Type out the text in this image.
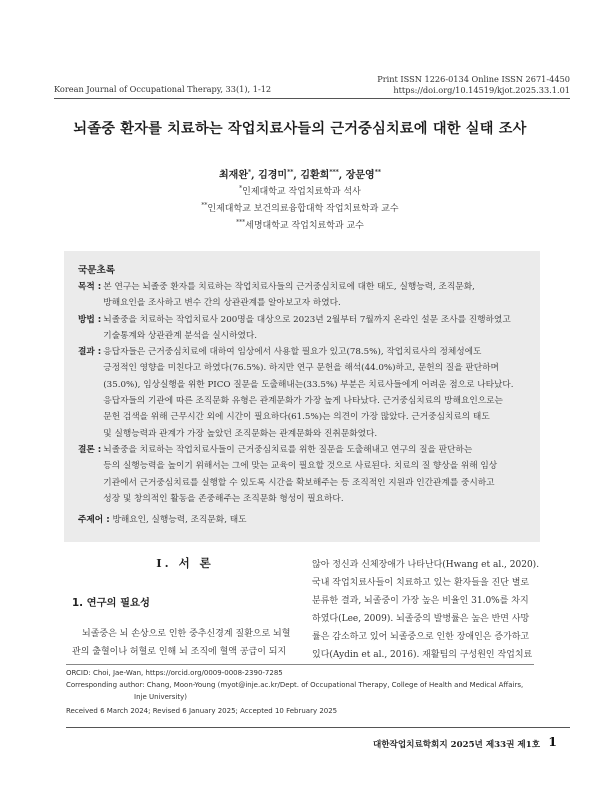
Print ISSN 1226-0134 Online ISSN 2671-4450
https://doi.org/10.14519/kjot.2025.33.1.01
Korean Journal of Occupational Therapy, 33(1), 1-12
뇌졸중 환자를 치료하는 작업치료사들의 근거중심치료에 대한 실태 조사
최재완*, 김경미**, 김환희***, 장문영**
*인제대학교 작업치료학과 석사
**인제대학교 보건의료융합대학 작업치료학과 교수
***세명대학교 작업치료학과 교수
국문초록
목적 : 본 연구는 뇌졸중 환자를 치료하는 작업치료사들의 근거중심치료에 대한 태도, 실행능력, 조직문화,
방해요인을 조사하고 변수 간의 상관관계를 알아보고자 하였다.
방법 : 뇌졸중을 치료하는 작업치료사 200명을 대상으로 2023년 2월부터 7월까지 온라인 설문 조사를 진행하였고
기술통계와 상관관계 분석을 실시하였다.
결과 : 응답자들은 근거중심치료에 대하여 임상에서 사용할 필요가 있고(78.5%), 작업치료사의 정체성에도
긍정적인 영향을 미친다고 하였다(76.5%). 하지만 연구 문헌을 해석(44.0%)하고, 문헌의 질을 판단하며
(35.0%), 임상실행을 위한 PICO 질문을 도출해내는(33.5%) 부분은 치료사들에게 어려운 점으로 나타났다.
응답자들의 기관에 따른 조직문화 유형은 관계문화가 가장 높게 나타났다. 근거중심치료의 방해요인으로는
문헌 검색을 위해 근무시간 외에 시간이 필요하다(61.5%)는 의견이 가장 많았다. 근거중심치료의 태도
및 실행능력과 관계가 가장 높았던 조직문화는 관계문화와 진취문화였다.
결론 : 뇌졸중을 치료하는 작업치료사들이 근거중심치료를 위한 질문을 도출해내고 연구의 질을 판단하는
등의 실행능력을 높이기 위해서는 그에 맞는 교육이 필요할 것으로 사료된다. 치료의 질 향상을 위해 임상
기관에서 근거중심치료를 실행할 수 있도록 시간을 확보해주는 등 조직적인 지원과 인간관계를 중시하고
성장 및 창의적인 활동을 존중해주는 조직문화 형성이 필요하다.
주제어 : 방해요인, 실행능력, 조직문화, 태도
Ⅰ. 서 론
1. 연구의 필요성
뇌졸중은 뇌 손상으로 인한 중추신경계 질환으로 뇌혈
관의 출혈이나 허혈로 인해 뇌 조직에 혈액 공급이 되지
않아 정신과 신체장애가 나타난다(Hwang et al., 2020).
국내 작업치료사들이 치료하고 있는 환자들을 진단 별로
분류한 결과, 뇌졸중이 가장 높은 비율인 31.0%를 차지
하였다(Lee, 2009). 뇌졸중의 발병률은 높은 반면 사망
률은 감소하고 있어 뇌졸중으로 인한 장애인은 증가하고
있다(Aydin et al., 2016). 재활팀의 구성원인 작업치료
ORCID: Choi, Jae-Wan, https://orcid.org/0009-0008-2390-7285
Corresponding author: Chang, Moon-Young (myot@inje.ac.kr/Dept. of Occupational Therapy, College of Health and Medical Affairs,
Inje University)
Received 6 March 2024; Revised 6 January 2025; Accepted 10 February 2025
대한작업치료학회지 2025년 제33권 제1호 1
